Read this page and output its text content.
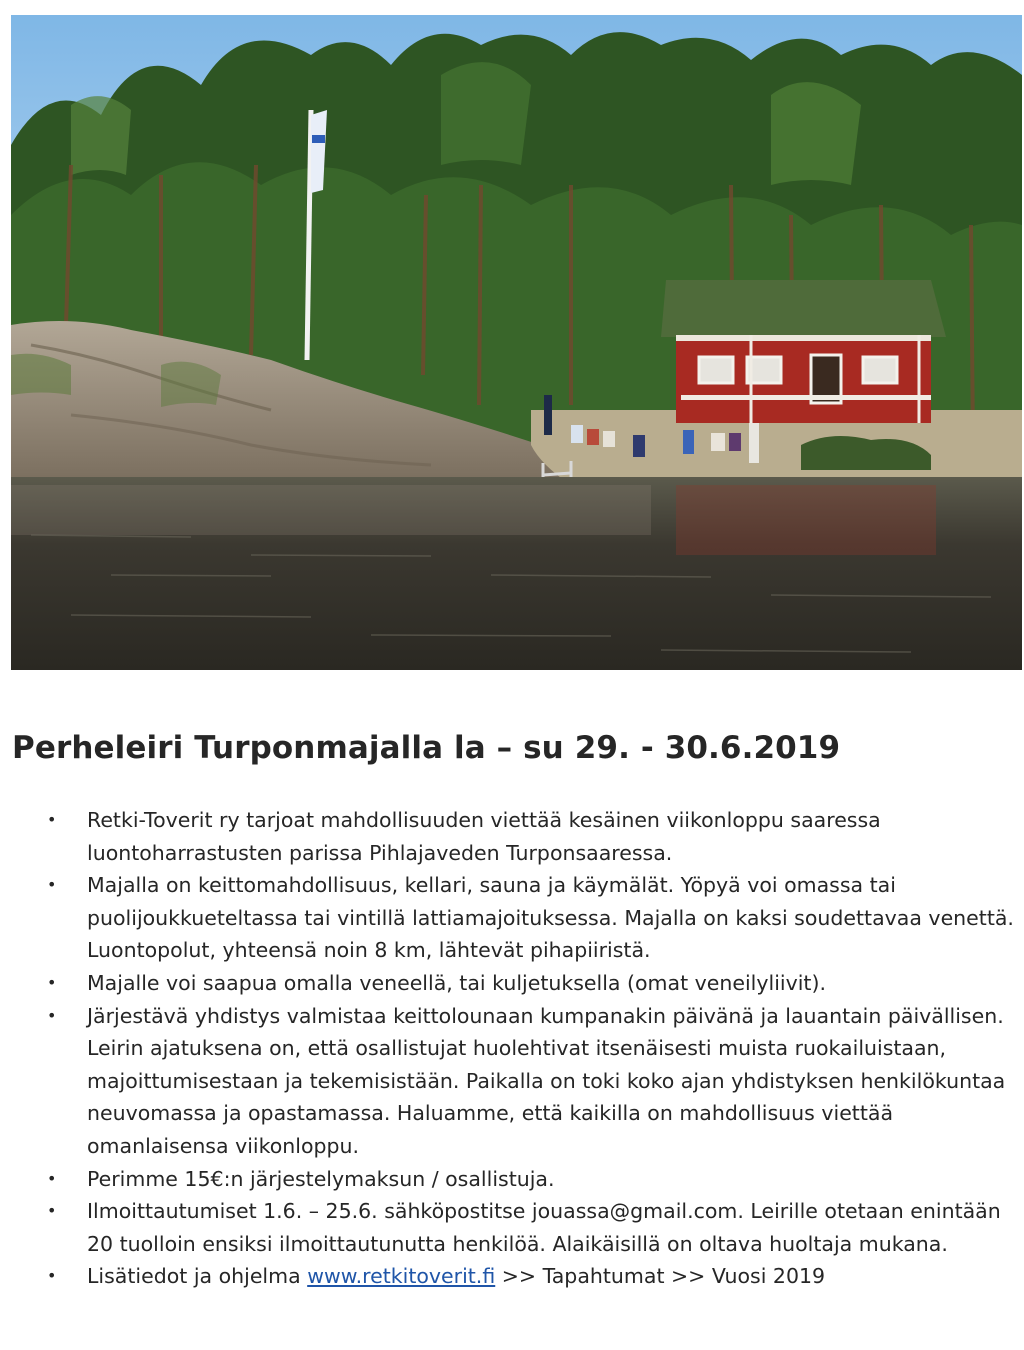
Perheleiri Turponmajalla la – su 29. - 30.6.2019
• Retki-Toverit ry tarjoat mahdollisuuden viettää kesäinen viikonloppu saaressa luontoharrastusten parissa Pihlajaveden Turponsaaressa.
• Majalla on keittomahdollisuus, kellari, sauna ja käymälät. Yöpyä voi omassa tai puolijoukkueteltassa tai vintillä lattiamajoituksessa. Majalla on kaksi soudettavaa venettä. Luontopolut, yhteensä noin 8 km, lähtevät pihapiiristä.
• Majalle voi saapua omalla veneellä, tai kuljetuksella (omat veneilyliivit).
• Järjestävä yhdistys valmistaa keittolounaan kumpanakin päivänä ja lauantain päivällisen. Leirin ajatuksena on, että osallistujat huolehtivat itsenäisesti muista ruokailuistaan, majoittumisestaan ja tekemisistään. Paikalla on toki koko ajan yhdistyksen henkilökuntaa neuvomassa ja opastamassa. Haluamme, että kaikilla on mahdollisuus viettää omanlaisensa viikonloppu.
• Perimme 15€:n järjestelymaksun / osallistuja.
• Ilmoittautumiset 1.6. – 25.6. sähköpostitse jouassa@gmail.com. Leirille otetaan enintään 20 tuolloin ensiksi ilmoittautunutta henkilöä. Alaikäisillä on oltava huoltaja mukana.
• Lisätiedot ja ohjelma www.retkitoverit.fi >> Tapahtumat >> Vuosi 2019
